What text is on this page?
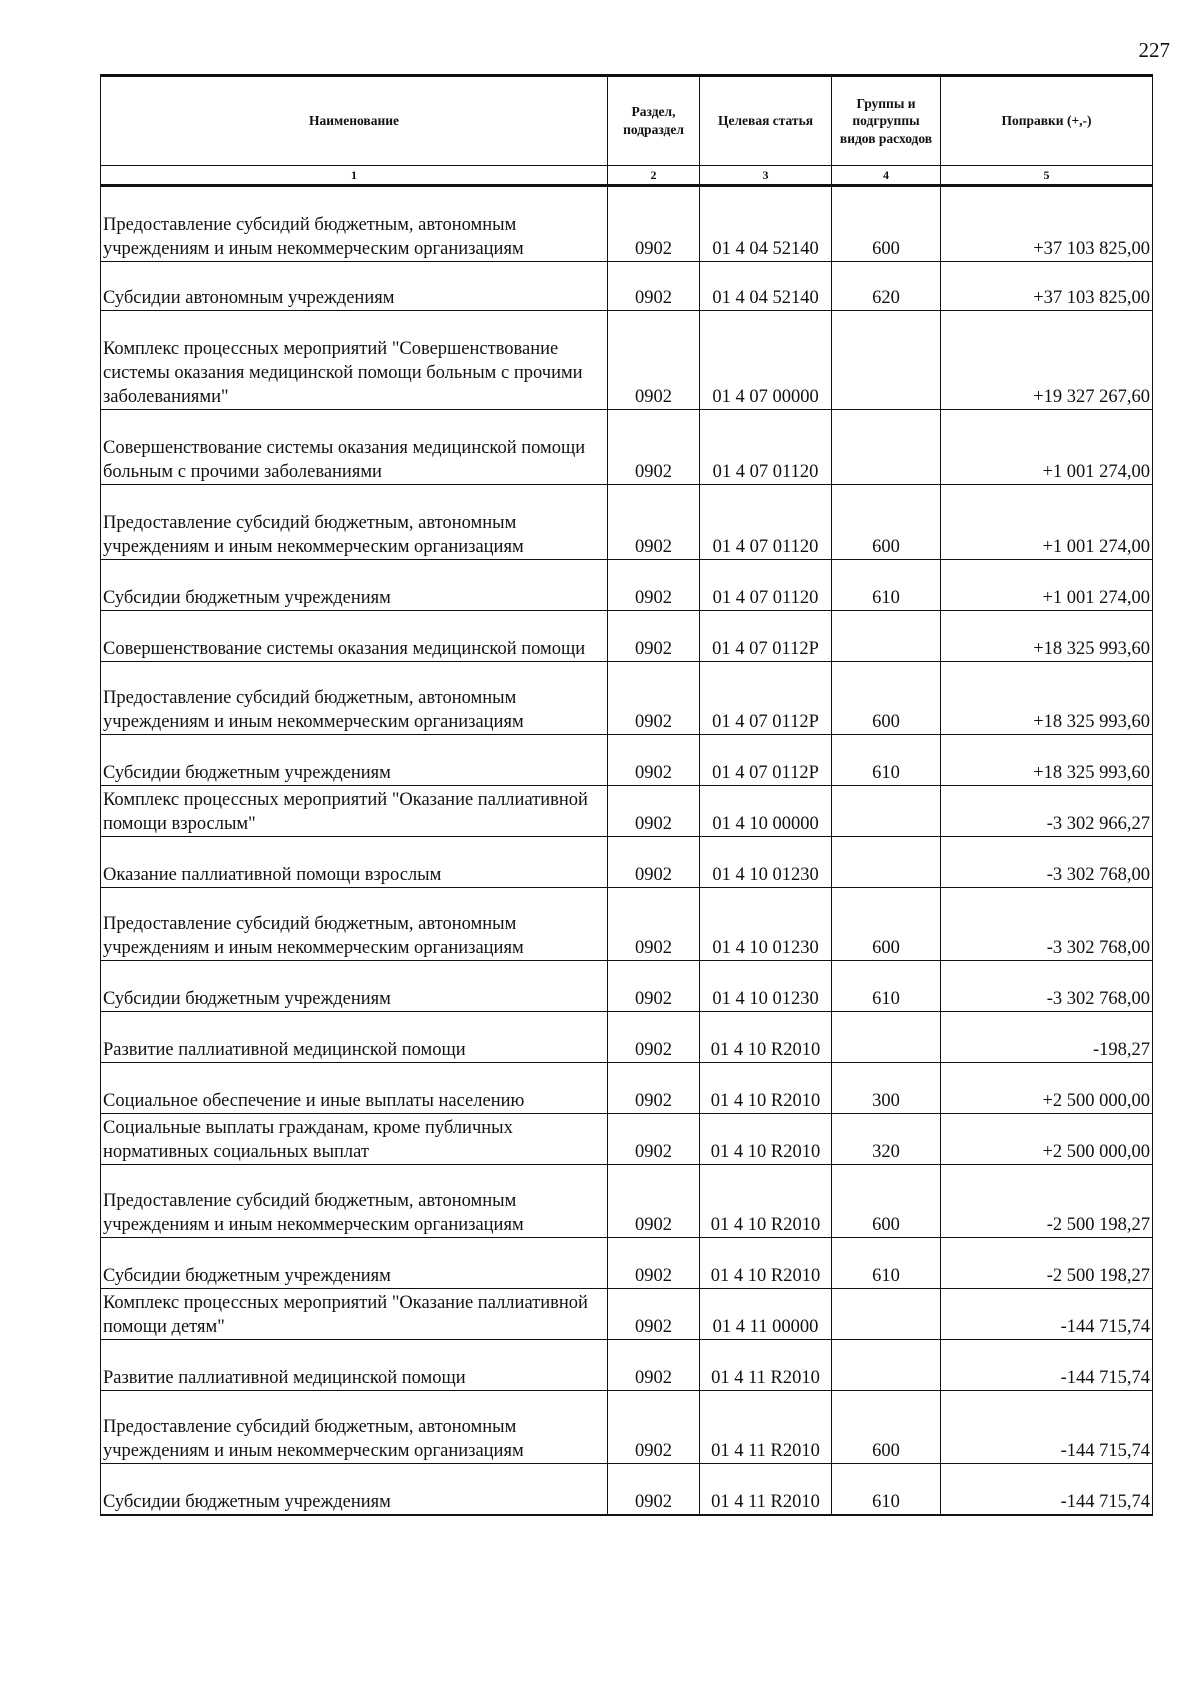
227
Наименование	Раздел, подраздел	Целевая статья	Группы и подгруппы видов расходов	Поправки (+,-)
1	2	3	4	5
Предоставление субсидий бюджетным, автономным учреждениям и иным некоммерческим организациям	0902	01 4 04 52140	600	+37 103 825,00
Субсидии автономным учреждениям	0902	01 4 04 52140	620	+37 103 825,00
Комплекс процессных мероприятий "Совершенствование системы оказания медицинской помощи больным с прочими заболеваниями"	0902	01 4 07 00000		+19 327 267,60
Совершенствование системы оказания медицинской помощи больным с прочими заболеваниями	0902	01 4 07 01120		+1 001 274,00
Предоставление субсидий бюджетным, автономным учреждениям и иным некоммерческим организациям	0902	01 4 07 01120	600	+1 001 274,00
Субсидии бюджетным учреждениям	0902	01 4 07 01120	610	+1 001 274,00
Совершенствование системы оказания медицинской помощи	0902	01 4 07 0112Р		+18 325 993,60
Предоставление субсидий бюджетным, автономным учреждениям и иным некоммерческим организациям	0902	01 4 07 0112Р	600	+18 325 993,60
Субсидии бюджетным учреждениям	0902	01 4 07 0112Р	610	+18 325 993,60
Комплекс процессных мероприятий "Оказание паллиативной помощи взрослым"	0902	01 4 10 00000		-3 302 966,27
Оказание паллиативной помощи взрослым	0902	01 4 10 01230		-3 302 768,00
Предоставление субсидий бюджетным, автономным учреждениям и иным некоммерческим организациям	0902	01 4 10 01230	600	-3 302 768,00
Субсидии бюджетным учреждениям	0902	01 4 10 01230	610	-3 302 768,00
Развитие паллиативной медицинской помощи	0902	01 4 10 R2010		-198,27
Социальное обеспечение и иные выплаты населению	0902	01 4 10 R2010	300	+2 500 000,00
Социальные выплаты гражданам, кроме публичных нормативных социальных выплат	0902	01 4 10 R2010	320	+2 500 000,00
Предоставление субсидий бюджетным, автономным учреждениям и иным некоммерческим организациям	0902	01 4 10 R2010	600	-2 500 198,27
Субсидии бюджетным учреждениям	0902	01 4 10 R2010	610	-2 500 198,27
Комплекс процессных мероприятий "Оказание паллиативной помощи детям"	0902	01 4 11 00000		-144 715,74
Развитие паллиативной медицинской помощи	0902	01 4 11 R2010		-144 715,74
Предоставление субсидий бюджетным, автономным учреждениям и иным некоммерческим организациям	0902	01 4 11 R2010	600	-144 715,74
Субсидии бюджетным учреждениям	0902	01 4 11 R2010	610	-144 715,74
